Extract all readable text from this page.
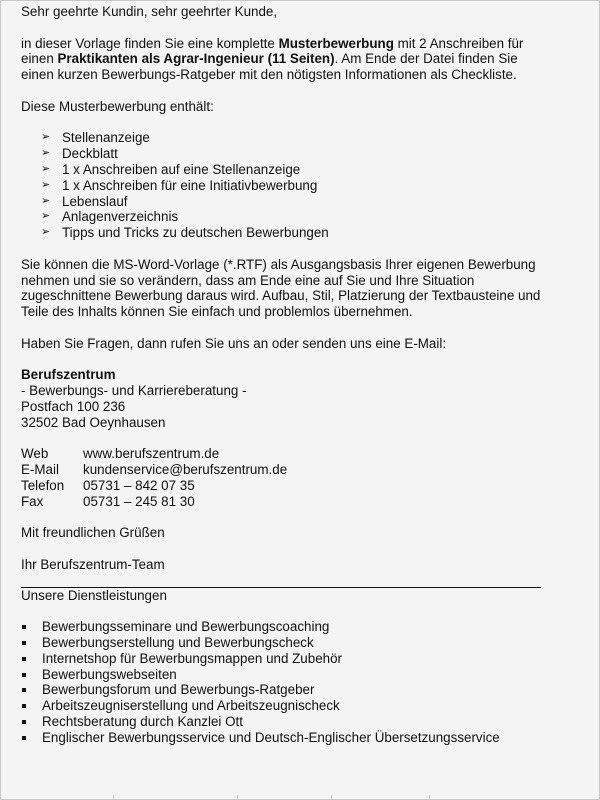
Sehr geehrte Kundin, sehr geehrter Kunde,

in dieser Vorlage finden Sie eine komplette Musterbewerbung mit 2 Anschreiben für einen Praktikanten als Agrar-Ingenieur (11 Seiten). Am Ende der Datei finden Sie einen kurzen Bewerbungs-Ratgeber mit den nötigsten Informationen als Checkliste.

Diese Musterbewerbung enthält:

➢ Stellenanzeige
➢ Deckblatt
➢ 1 x Anschreiben auf eine Stellenanzeige
➢ 1 x Anschreiben für eine Initiativbewerbung
➢ Lebenslauf
➢ Anlagenverzeichnis
➢ Tipps und Tricks zu deutschen Bewerbungen

Sie können die MS-Word-Vorlage (*.RTF) als Ausgangsbasis Ihrer eigenen Bewerbung nehmen und sie so verändern, dass am Ende eine auf Sie und Ihre Situation zugeschnittene Bewerbung daraus wird. Aufbau, Stil, Platzierung der Textbausteine und Teile des Inhalts können Sie einfach und problemlos übernehmen.

Haben Sie Fragen, dann rufen Sie uns an oder senden uns eine E-Mail:

Berufszentrum

- Bewerbungs- und Karriereberatung -

Postfach 100 236

32502 Bad Oeynhausen

Web	www.berufszentrum.de
E-Mail	kundenservice@berufszentrum.de
Telefon	05731 – 842 07 35
Fax	05731 – 245 81 30

Mit freundlichen Grüßen

Ihr Berufszentrum-Team

Unsere Dienstleistungen

Bewerbungsseminare und Bewerbungscoaching
Bewerbungserstellung und Bewerbungscheck
Internetshop für Bewerbungsmappen und Zubehör
Bewerbungswebseiten
Bewerbungsforum und Bewerbungs-Ratgeber
Arbeitszeugniserstellung und Arbeitszeugnischeck
Rechtsberatung durch Kanzlei Ott
Englischer Bewerbungsservice und Deutsch-Englischer Übersetzungsservice
